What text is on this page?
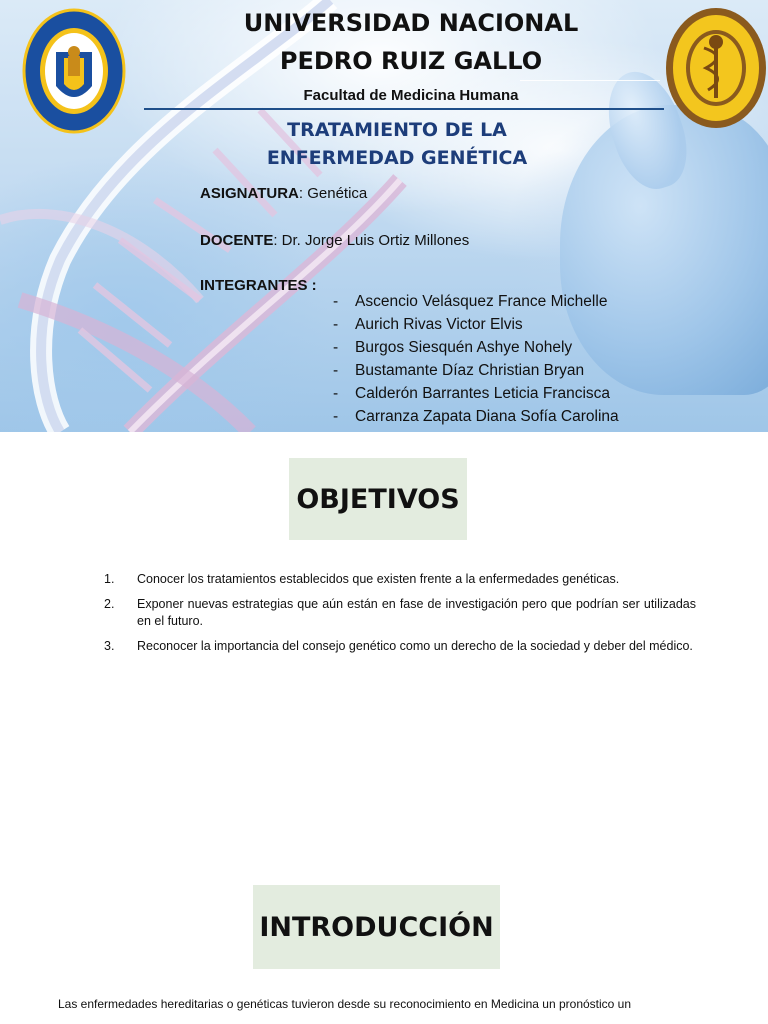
UNIVERSIDAD NACIONAL
PEDRO RUIZ GALLO
Facultad de Medicina Humana
TRATAMIENTO DE LA
ENFERMEDAD GENÉTICA
ASIGNATURA: Genética
DOCENTE: Dr. Jorge Luis Ortiz Millones
INTEGRANTES :
-	Ascencio Velásquez France Michelle
-	Aurich Rivas Victor Elvis
-	Burgos Siesquén Ashye Nohely
-	Bustamante Díaz Christian Bryan
-	Calderón Barrantes Leticia Francisca
-	Carranza Zapata Diana Sofía Carolina
OBJETIVOS
1.	Conocer los tratamientos establecidos que existen frente a la enfermedades genéticas.
2.	Exponer nuevas estrategias que aún están en fase de investigación pero que podrían ser utilizadas en el futuro.
3.	Reconocer la importancia del consejo genético como un derecho de la sociedad y deber del médico.
INTRODUCCIÓN
Las enfermedades hereditarias o genéticas tuvieron desde su reconocimiento en Medicina un pronóstico un
